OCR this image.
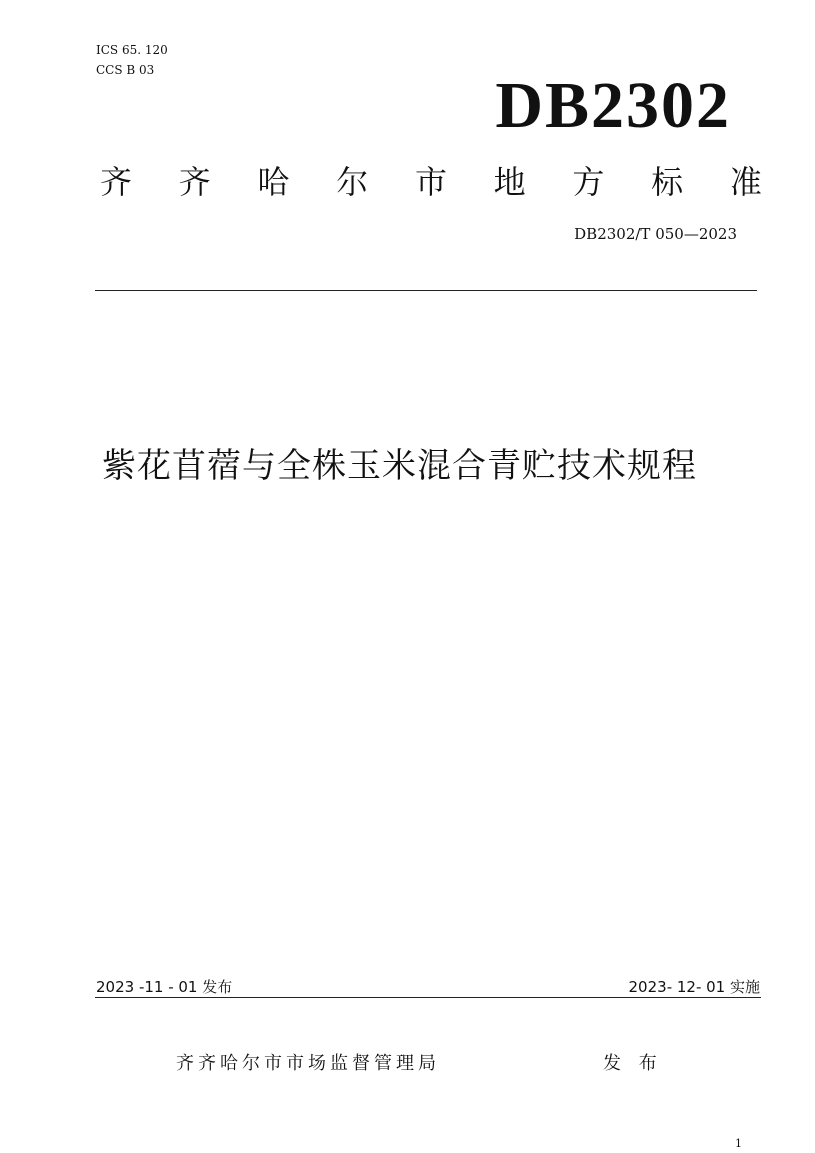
ICS 65. 120
CCS B 03	DB2302
齐 齐 哈 尔 市 地 方 标 准
DB2302/T 050—2023
紫花苜蓿与全株玉米混合青贮技术规程
2023 -11 - 01 发布	2023- 12- 01 实施
齐齐哈尔市市场监督管理局	发 布
1
